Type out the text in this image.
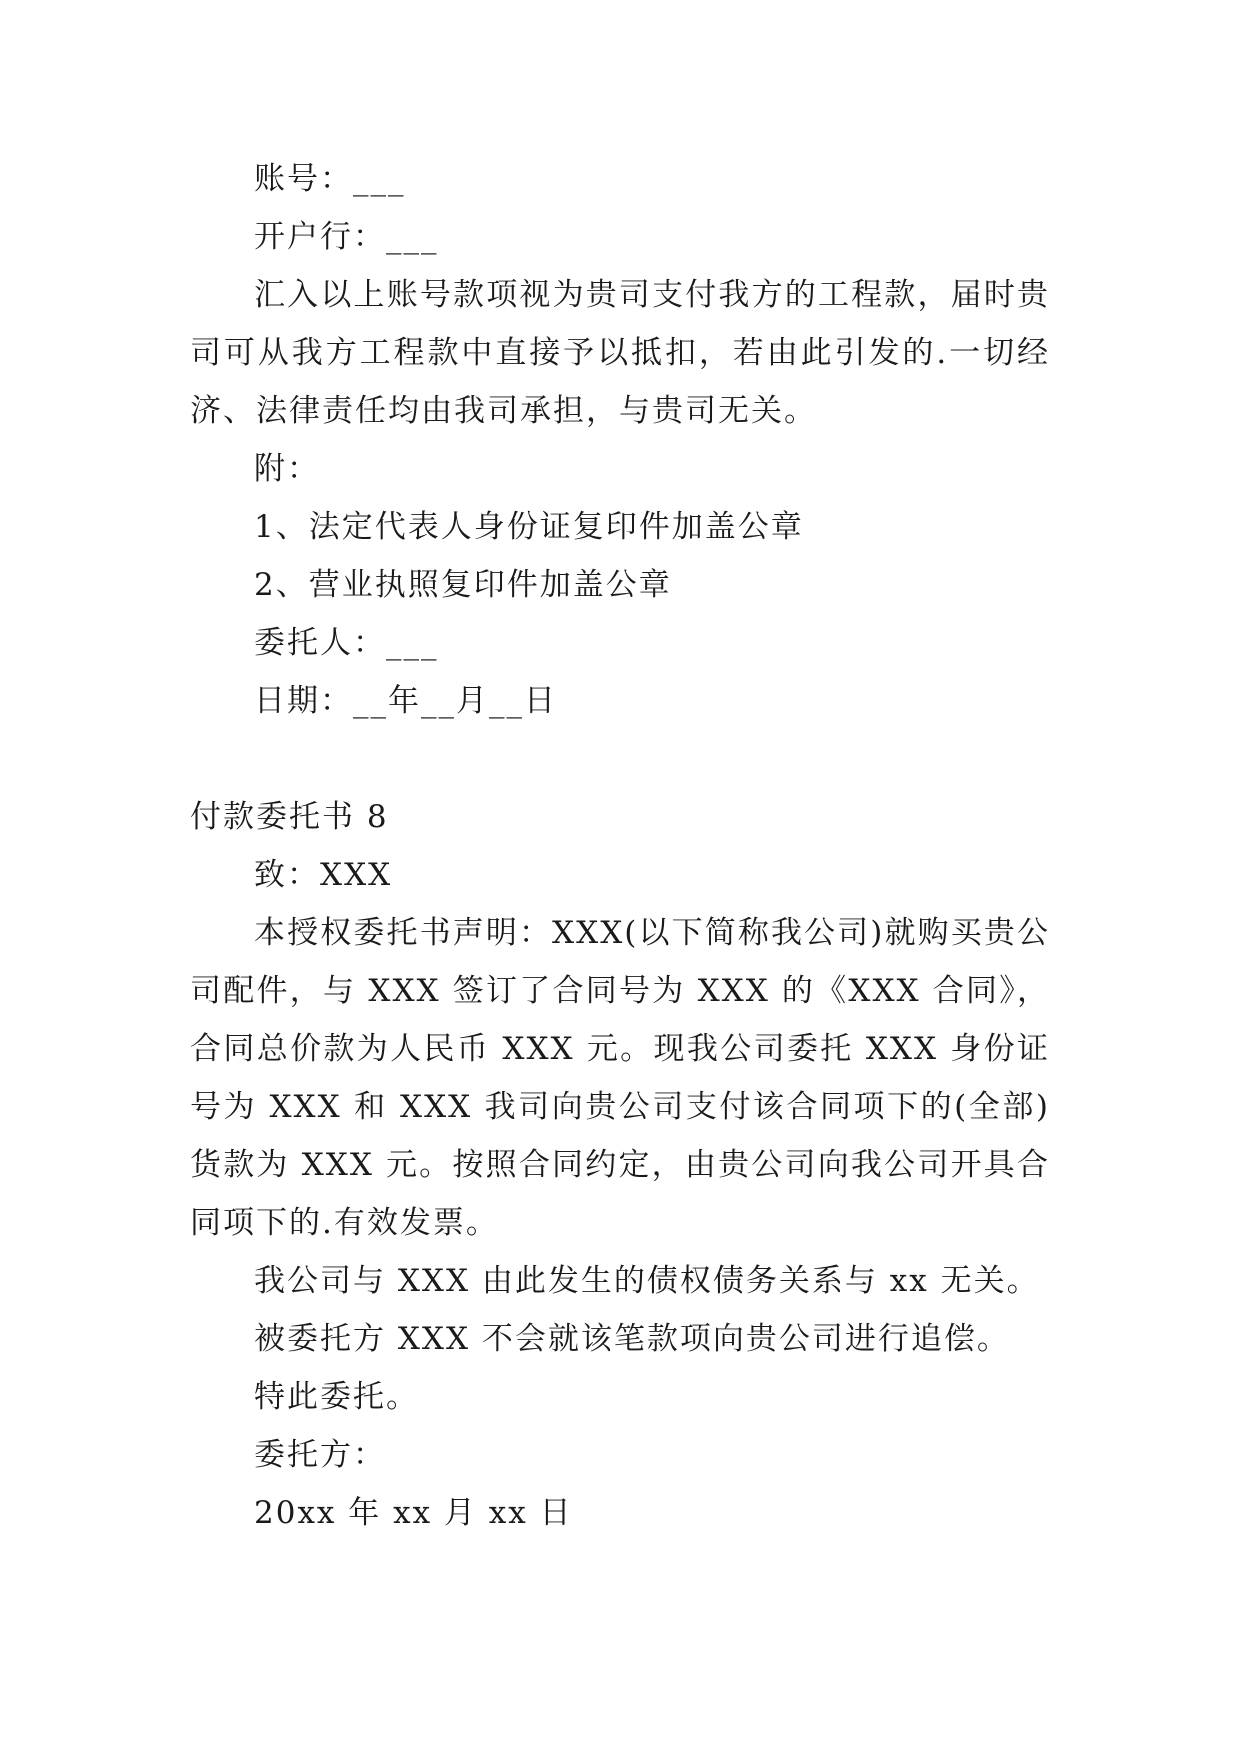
账号：___

开户行：___

汇入以上账号款项视为贵司支付我方的工程款，届时贵司可从我方工程款中直接予以抵扣，若由此引发的.一切经济、法律责任均由我司承担，与贵司无关。

附：

1、法定代表人身份证复印件加盖公章

2、营业执照复印件加盖公章

委托人：___

日期：__年__月__日

付款委托书 8

致：XXX

本授权委托书声明：XXX(以下简称我公司)就购买贵公司配件，与 XXX 签订了合同号为 XXX 的《XXX 合同》，合同总价款为人民币 XXX 元。现我公司委托 XXX 身份证号为 XXX 和 XXX 我司向贵公司支付该合同项下的(全部)货款为 XXX 元。按照合同约定，由贵公司向我公司开具合同项下的.有效发票。

我公司与 XXX 由此发生的债权债务关系与 xx 无关。

被委托方 XXX 不会就该笔款项向贵公司进行追偿。

特此委托。

委托方：

20xx 年 xx 月 xx 日
